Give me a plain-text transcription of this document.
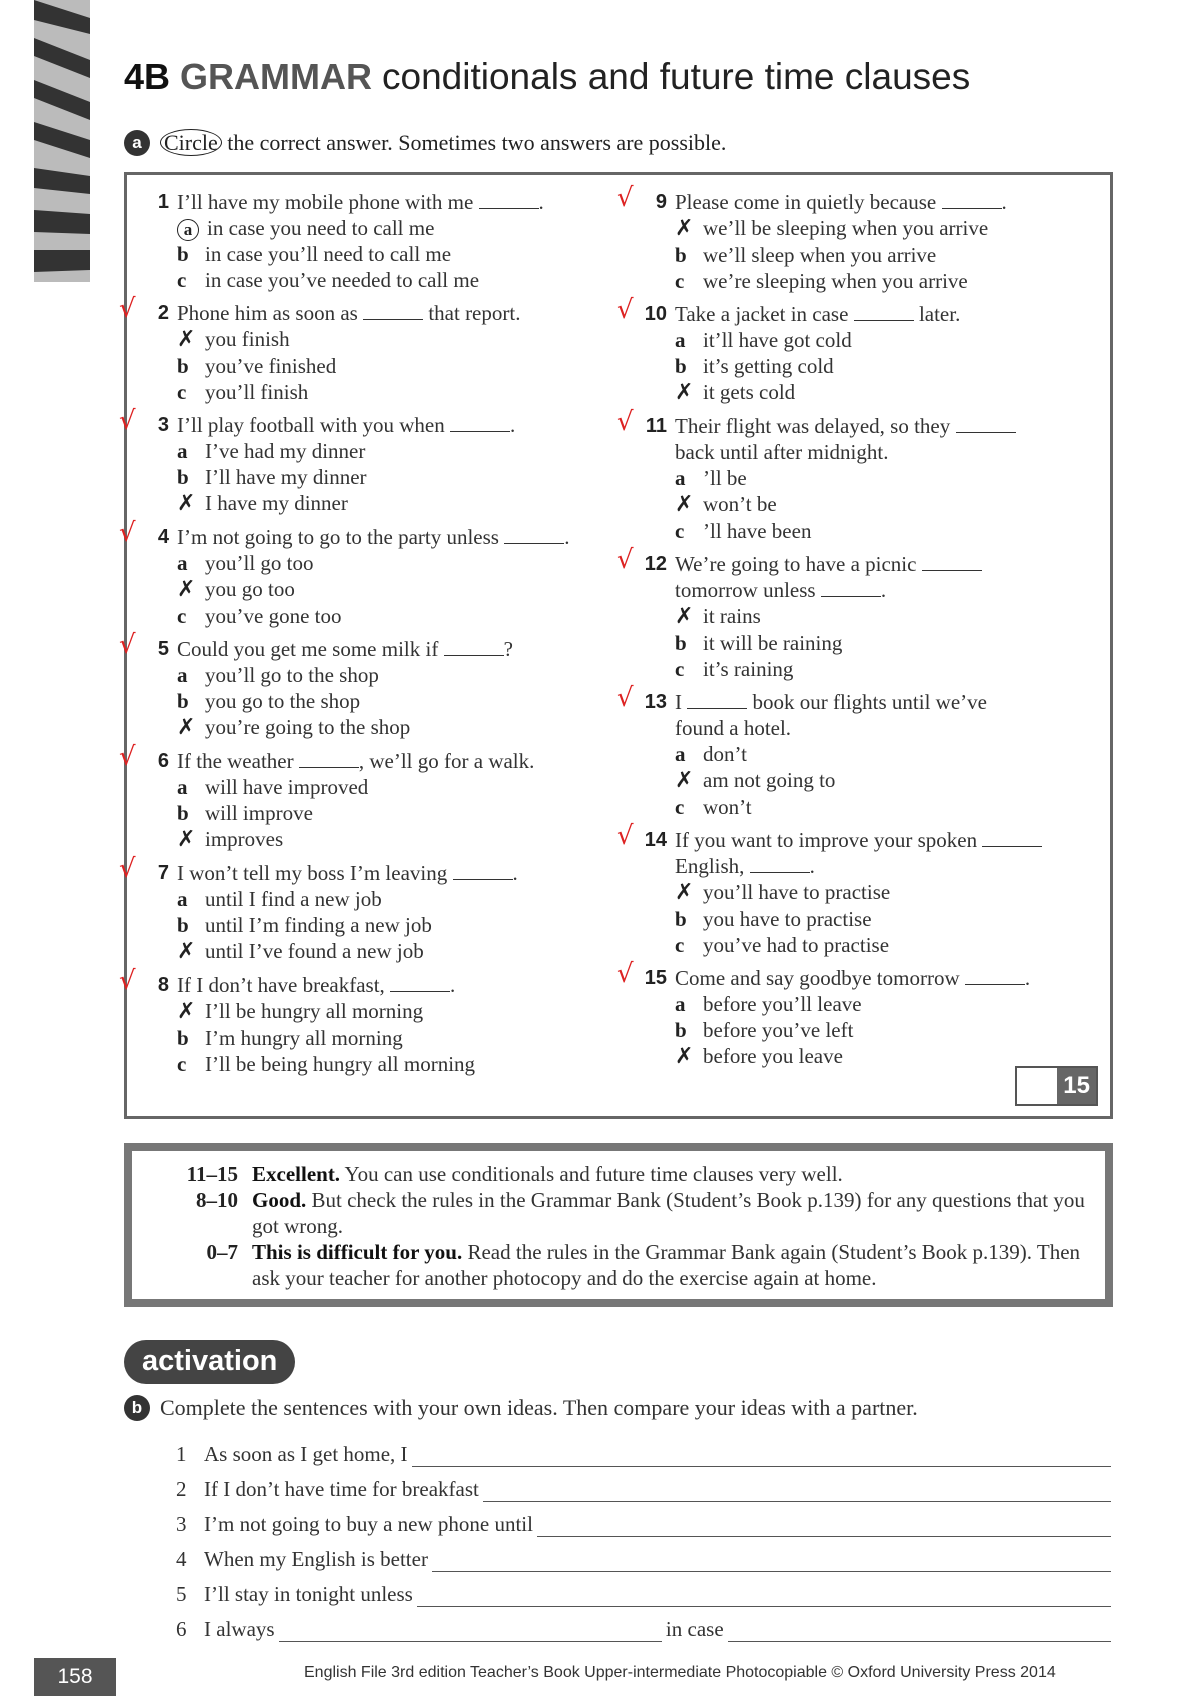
4B GRAMMAR conditionals and future time clauses
a Circle the correct answer. Sometimes two answers are possible.
1 I’ll have my mobile phone with me	.
a in case you need to call me
b in case you’ll need to call me
c in case you’ve needed to call me
√	2 Phone him as soon as	that report.
✗ you finish
b you’ve finished
c you’ll finish
√	3 I’ll play football with you when	.
a I’ve had my dinner
b I’ll have my dinner
✗ I have my dinner
√	4 I’m not going to go to the party unless	.
a you’ll go too
✗ you go too
c you’ve gone too
√	5 Could you get me some milk if	?
a you’ll go to the shop
b you go to the shop
✗ you’re going to the shop
√	6 If the weather	, we’ll go for a walk.
a will have improved
b will improve
✗ improves
√	7 I won’t tell my boss I’m leaving	.
a until I find a new job
b until I’m finding a new job
✗ until I’ve found a new job
√	8 If I don’t have breakfast,	.
✗ I’ll be hungry all morning
b I’m hungry all morning
c I’ll be being hungry all morning
√	9 Please come in quietly because	.
✗ we’ll be sleeping when you arrive
b we’ll sleep when you arrive
c we’re sleeping when you arrive
√ 10 Take a jacket in case	later.
a it’ll have got cold
b it’s getting cold
✗ it gets cold
√ 11 Their flight was delayed, so they
back until after midnight.
a ’ll be
✗ won’t be
c ’ll have been
√ 12 We’re going to have a picnic
tomorrow unless	.
✗ it rains
b it will be raining
c it’s raining
√ 13 I	book our flights until we’ve
found a hotel.
a don’t
✗ am not going to
c won’t
√ 14 If you want to improve your spoken
English,	.
✗ you’ll have to practise
b you have to practise
c you’ve had to practise
√ 15 Come and say goodbye tomorrow	.
a before you’ll leave
b before you’ve left
✗ before you leave
15
11–15 Excellent. You can use conditionals and future time clauses very well.
8–10 Good. But check the rules in the Grammar Bank (Student’s Book p.139) for any questions that you got wrong.
0–7 This is difficult for you. Read the rules in the Grammar Bank again (Student’s Book p.139). Then ask your teacher for another photocopy and do the exercise again at home.
activation
b Complete the sentences with your own ideas. Then compare your ideas with a partner.
1 As soon as I get home, I
2 If I don’t have time for breakfast
3 I’m not going to buy a new phone until
4 When my English is better
5 I’ll stay in tonight unless
6 I always	in case
158	English File 3rd edition Teacher’s Book Upper-intermediate Photocopiable © Oxford University Press 2014
